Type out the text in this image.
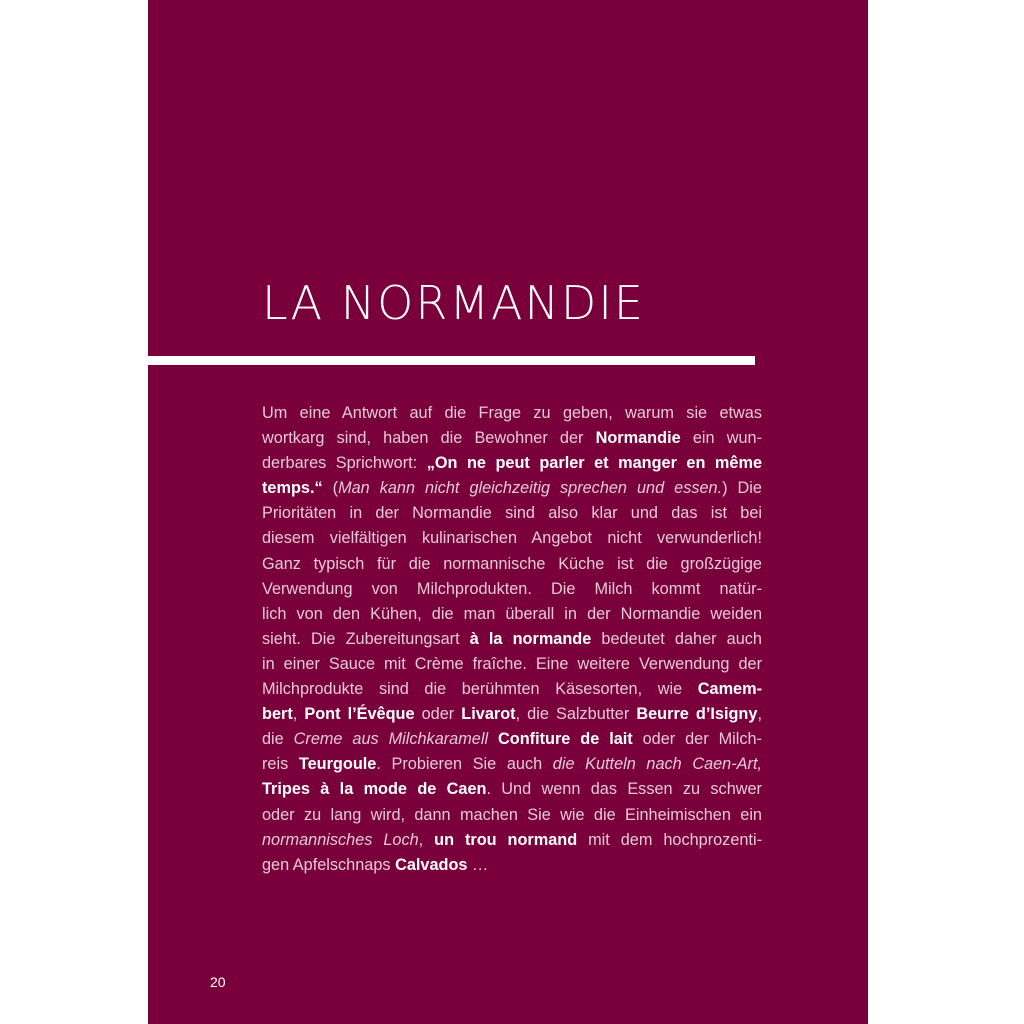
LA NORMANDIE

Um eine Antwort auf die Frage zu geben, warum sie etwas
wortkarg sind, haben die Bewohner der Normandie ein wun-
derbares Sprichwort: „On ne peut parler et manger en même
temps.“ (Man kann nicht gleichzeitig sprechen und essen.) Die
Prioritäten in der Normandie sind also klar und das ist bei
diesem vielfältigen kulinarischen Angebot nicht verwunderlich!
Ganz typisch für die normannische Küche ist die großzügige
Verwendung von Milchprodukten. Die Milch kommt natür-
lich von den Kühen, die man überall in der Normandie weiden
sieht. Die Zubereitungsart à la normande bedeutet daher auch
in einer Sauce mit Crème fraîche. Eine weitere Verwendung der
Milchprodukte sind die berühmten Käsesorten, wie Camem-
bert, Pont l’Évêque oder Livarot, die Salzbutter Beurre d’Isigny,
die Creme aus Milchkaramell Confiture de lait oder der Milch-
reis Teurgoule. Probieren Sie auch die Kutteln nach Caen-Art,
Tripes à la mode de Caen. Und wenn das Essen zu schwer
oder zu lang wird, dann machen Sie wie die Einheimischen ein
normannisches Loch, un trou normand mit dem hochprozenti-
gen Apfelschnaps Calvados …

20
